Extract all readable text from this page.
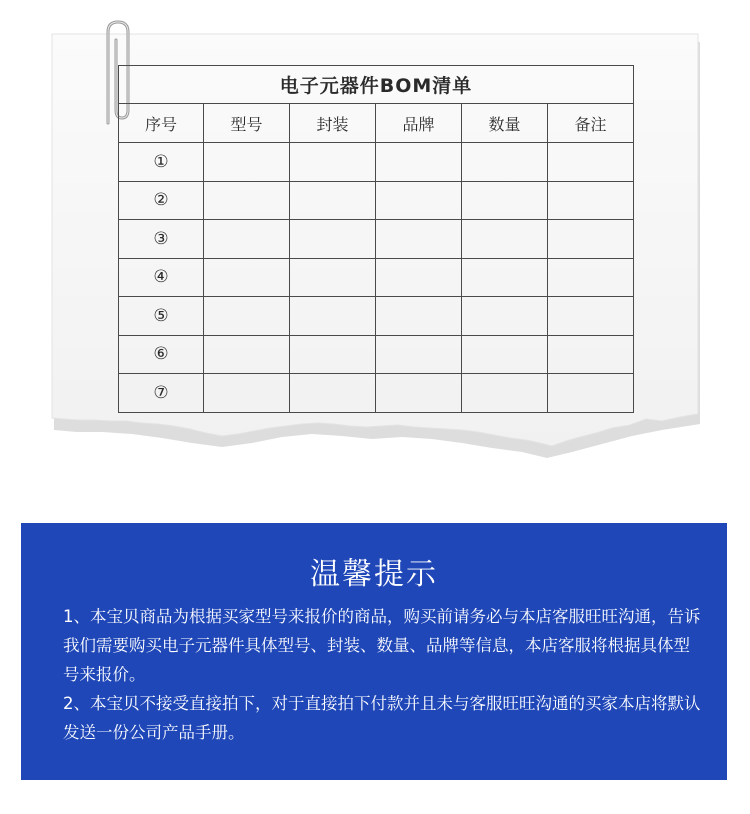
电子元器件BOM清单					
序号	型号	封装	品牌	数量	备注
①					
②					
③					
④					
⑤					
⑥					
⑦					
温馨提示
1、本宝贝商品为根据买家型号来报价的商品，购买前请务必与本店客服旺旺沟通，告诉我们需要购买电子元器件具体型号、封装、数量、品牌等信息，本店客服将根据具体型号来报价。
2、本宝贝不接受直接拍下，对于直接拍下付款并且未与客服旺旺沟通的买家本店将默认发送一份公司产品手册。
